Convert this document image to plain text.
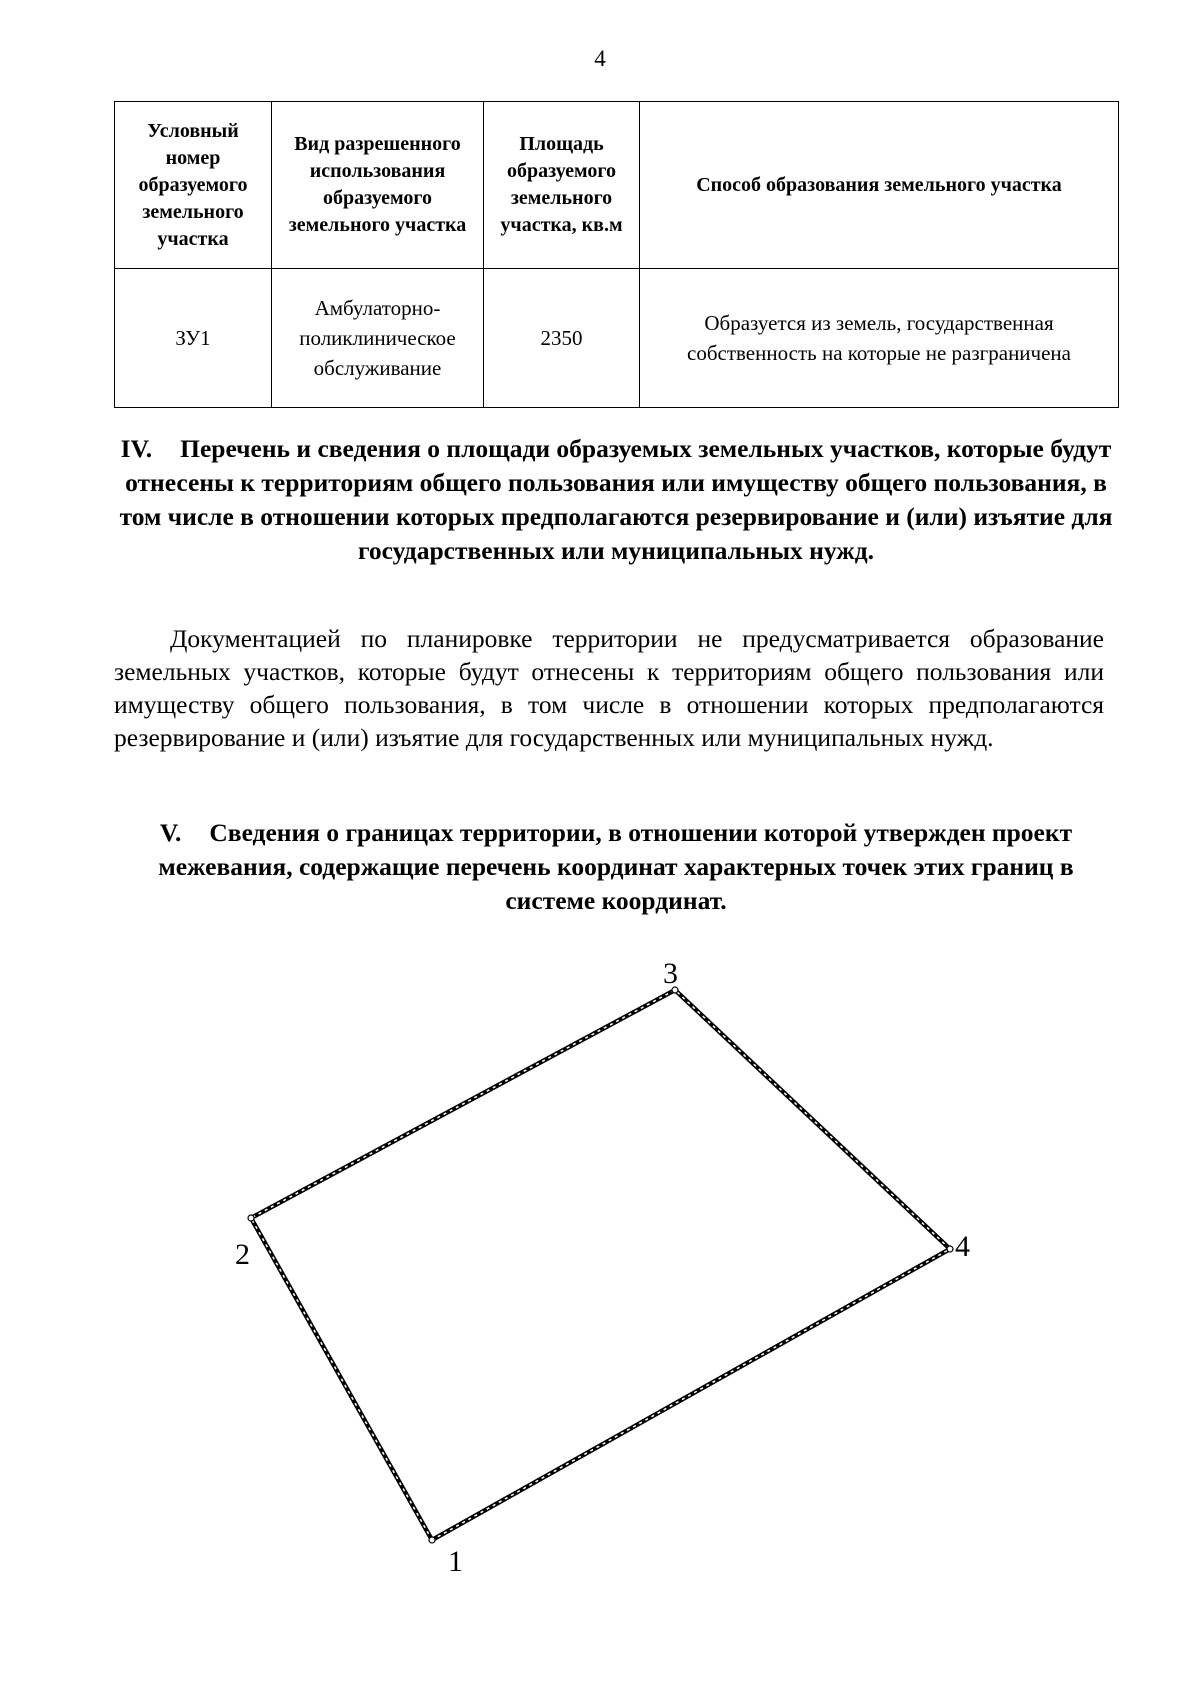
4
Условный номер образуемого земельного участка	Вид разрешенного использования образуемого земельного участка	Площадь образуемого земельного участка, кв.м	Способ образования земельного участка
ЗУ1	Амбулаторно-поликлиническое обслуживание	2350	Образуется из земель, государственная собственность на которые не разграничена
IV. Перечень и сведения о площади образуемых земельных участков, которые будут отнесены к территориям общего пользования или имуществу общего пользования, в том числе в отношении которых предполагаются резервирование и (или) изъятие для государственных или муниципальных нужд.
Документацией по планировке территории не предусматривается образование земельных участков, которые будут отнесены к территориям общего пользования или имуществу общего пользования, в том числе в отношении которых предполагаются резервирование и (или) изъятие для государственных или муниципальных нужд.
V. Сведения о границах территории, в отношении которой утвержден проект межевания, содержащие перечень координат характерных точек этих границ в системе координат.
1
2
3
4
